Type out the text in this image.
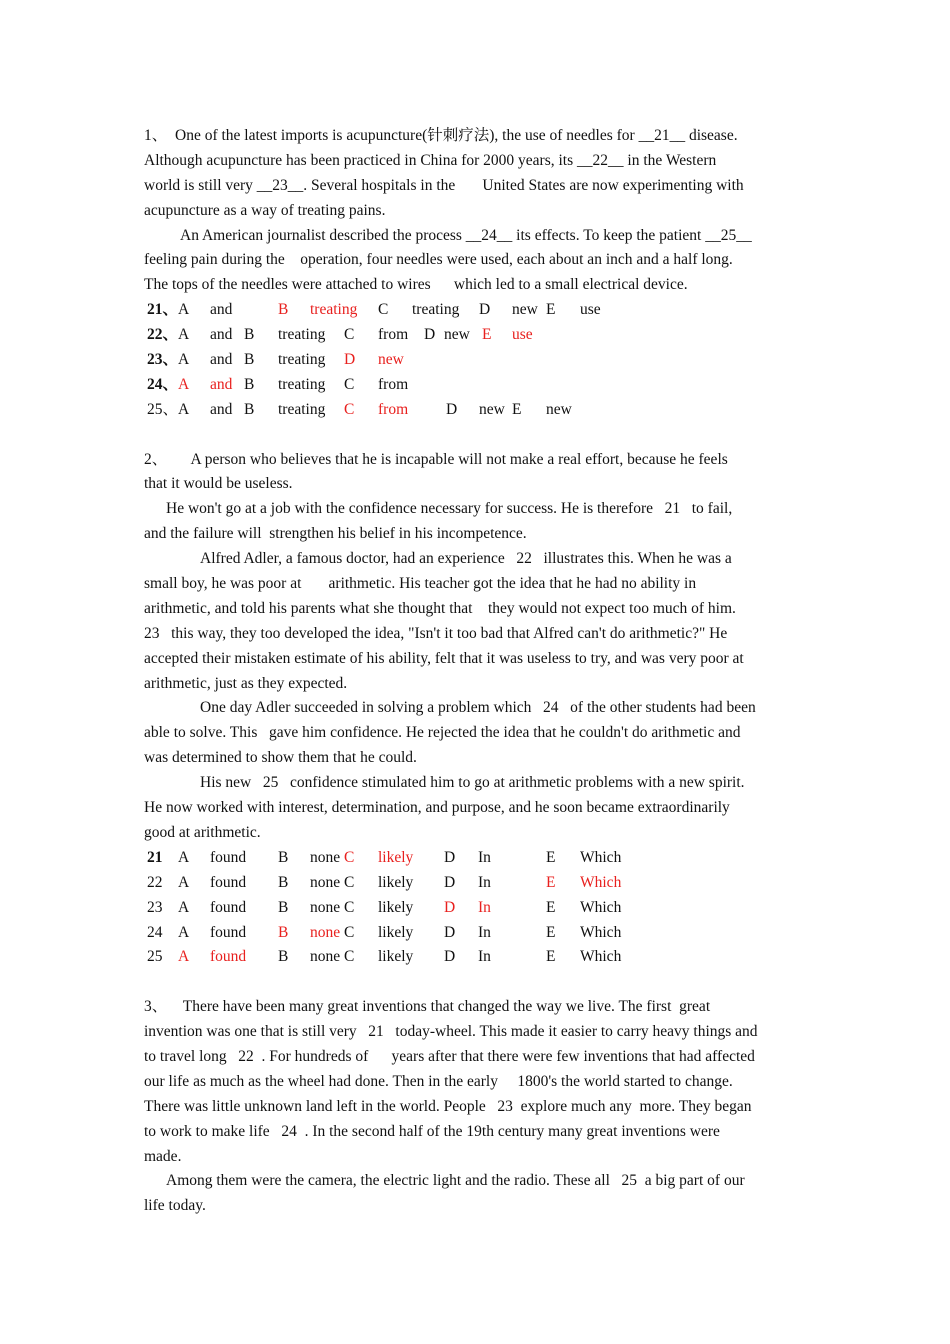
1、  One of the latest imports is acupuncture(针刺疗法), the use of needles for __21__ disease.
Although acupuncture has been practiced in China for 2000 years, its __22__ in the Western
world is still very __23__. Several hospitals in the       United States are now experimenting with
acupuncture as a way of treating pains.
An American journalist described the process __24__ its effects. To keep the patient __25__
feeling pain during the    operation, four needles were used, each about an inch and a half long.
The tops of the needles were attached to wires      which led to a small electrical device.
21、 A and	B treating C treating D new E use
22、 A and B treating C from D new E use
23、 A and B treating D new
24、 A and B treating C from
25、 A and B treating C from D new E new
2、      A person who believes that he is incapable will not make a real effort, because he feels
that it would be useless.
He won't go at a job with the confidence necessary for success. He is therefore   21   to fail,
and the failure will  strengthen his belief in his incompetence.
Alfred Adler, a famous doctor, had an experience   22   illustrates this. When he was a
small boy, he was poor at       arithmetic. His teacher got the idea that he had no ability in
arithmetic, and told his parents what she thought that    they would not expect too much of him.
23   this way, they too developed the idea, "Isn't it too bad that Alfred can't do arithmetic?" He
accepted their mistaken estimate of his ability, felt that it was useless to try, and was very poor at
arithmetic, just as they expected.
One day Adler succeeded in solving a problem which   24   of the other students had been
able to solve. This   gave him confidence. He rejected the idea that he couldn't do arithmetic and
was determined to show them that he could.
His new   25   confidence stimulated him to go at arithmetic problems with a new spirit.
He now worked with interest, determination, and purpose, and he soon became extraordinarily
good at arithmetic.
21 A found B none C likely D In	E Which
22 A found B none C likely D In	E Which
23 A found B none C likely D In	E Which
24 A found B none C likely D In	E Which
25 A found B none C likely D In	E Which
3、    There have been many great inventions that changed the way we live. The first  great
invention was one that is still very   21   today-wheel. This made it easier to carry heavy things and
to travel long   22  . For hundreds of      years after that there were few inventions that had affected
our life as much as the wheel had done. Then in the early     1800's the world started to change.
There was little unknown land left in the world. People   23  explore much any  more. They began
to work to make life   24  . In the second half of the 19th century many great inventions were
made.
Among them were the camera, the electric light and the radio. These all   25  a big part of our
life today.
